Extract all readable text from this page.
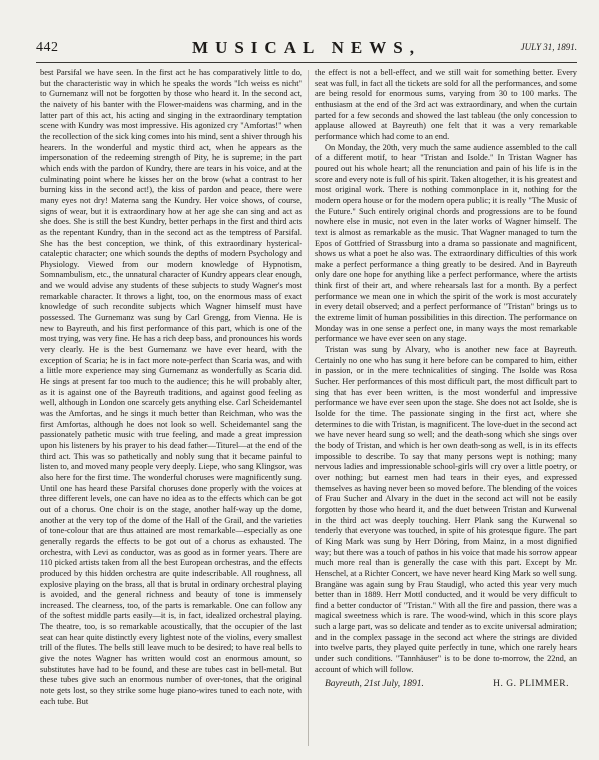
442	MUSICAL NEWS,	JULY 31, 1891.

best Parsifal we have seen. In the first act he has comparatively little to do, but the characteristic way in which he speaks the words "Ich weiss es nicht" to Gurnemanz will not be forgotten by those who heard it. In the second act, the naivety of his banter with the Flower-maidens was charming, and in the latter part of this act, his acting and singing in the extraordinary temptation scene with Kundry was most impressive. His agonized cry "Amfortas!" when the recollection of the sick king comes into his mind, sent a shiver through his hearers. In the wonderful and mystic third act, when he appears as the impersonation of the redeeming strength of Pity, he is supreme; in the part which ends with the pardon of Kundry, there are tears in his voice, and at the culminating point where he kisses her on the brow (what a contrast to her burning kiss in the second act!), the kiss of pardon and peace, there were many eyes not dry! Materna sang the Kundry. Her voice shows, of course, signs of wear, but it is extraordinary how at her age she can sing and act as she does. She is still the best Kundry, better perhaps in the first and third acts as the repentant Kundry, than in the second act as the temptress of Parsifal. She has the best conception, we think, of this extraordinary hysterical-cataleptic character; one which sounds the depths of modern Psychology and Physiology. Viewed from our modern knowledge of Hypnotism, Somnambulism, etc., the unnatural character of Kundry appears clear enough, and we would advise any students of these subjects to study Wagner's most remarkable character. It throws a light, too, on the enormous mass of exact knowledge of such recondite subjects which Wagner himself must have possessed. The Gurnemanz was sung by Carl Grengg, from Vienna. He is new to Bayreuth, and his first performance of this part, which is one of the most trying, was very fine. He has a rich deep bass, and pronounces his words very clearly. He is the best Gurnemanz we have ever heard, with the exception of Scaria; he is in fact more note-perfect than Scaria was, and with a little more experience may sing Gurnemanz as wonderfully as Scaria did. He sings at present far too much to the audience; this he will probably alter, as it is against one of the Bayreuth traditions, and against good feeling as well, although in London one scarcely gets anything else. Carl Scheidemantel was the Amfortas, and he sings it much better than Reichman, who was the first Amfortas, although he does not look so well. Scheidemantel sang the passionately pathetic music with true feeling, and made a great impression upon his listeners by his prayer to his dead father—Titurel—at the end of the third act. This was so pathetically and nobly sung that it became painful to listen to, and moved many people very deeply. Liepe, who sang Klingsor, was also here for the first time. The wonderful choruses were magnificently sung. Until one has heard these Parsifal choruses done properly with the voices at three different levels, one can have no idea as to the effects which can be got out of a chorus. One choir is on the stage, another half-way up the dome, another at the very top of the dome of the Hall of the Grail, and the varieties of tone-colour that are thus attained are most remarkable—especially as one generally regards the effects to be got out of a chorus as exhausted. The orchestra, with Levi as conductor, was as good as in former years. There are 110 picked artists taken from all the best European orchestras, and the effects produced by this hidden orchestra are quite indescribable. All roughness, all explosive playing on the brass, all that is brutal in ordinary orchestral playing is avoided, and the general richness and beauty of tone is immensely increased. The clearness, too, of the parts is remarkable. One can follow any of the softest middle parts easily—it is, in fact, idealized orchestral playing. The theatre, too, is so remarkable acoustically, that the occupier of the last seat can hear quite distinctly every lightest note of the violins, every smallest trill of the flutes. The bells still leave much to be desired; to have real bells to give the notes Wagner has written would cost an enormous amount, so substitutes have had to be found, and these are tubes cast in bell-metal. But these tubes give such an enormous number of over-tones, that the original note gets lost, so they strike some huge piano-wires tuned to each note, with each tube. But

the effect is not a bell-effect, and we still wait for something better. Every seat was full, in fact all the tickets are sold for all the performances, and some are being resold for enormous sums, varying from 30 to 100 marks. The enthusiasm at the end of the 3rd act was extraordinary, and when the curtain parted for a few seconds and showed the last tableau (the only concession to applause allowed at Bayreuth) one felt that it was a very remarkable performance which had come to an end.

On Monday, the 20th, very much the same audience assembled to the call of a different motif, to hear "Tristan and Isolde." In Tristan Wagner has poured out his whole heart; all the renunciation and pain of his life is in the score and every note is full of his spirit. Taken altogether, it is his greatest and most original work. There is nothing commonplace in it, nothing for the modern opera house or for the modern opera public; it is really "The Music of the Future." Such entirely original chords and progressions are to be found nowhere else in music, not even in the later works of Wagner himself. The text is almost as remarkable as the music. That Wagner managed to turn the Epos of Gottfried of Strassburg into a drama so passionate and magnificent, shows us what a poet he also was. The extraordinary difficulties of this work make a perfect performance a thing greatly to be desired. And in Bayreuth only dare one hope for anything like a perfect performance, where the artists think first of their art, and where rehearsals last for a month. By a perfect performance we mean one in which the spirit of the work is most accurately in every detail observed; and a perfect performance of "Tristan" brings us to the extreme limit of human possibilities in this direction. The performance on Monday was in one sense a perfect one, in many ways the most remarkable performance we have ever seen on any stage.

Tristan was sung by Alvary, who is another new face at Bayreuth. Certainly no one who has sung it here before can be compared to him, either in passion, or in the mere technicalities of singing. The Isolde was Rosa Sucher. Her performances of this most difficult part, the most difficult part to sing that has ever been written, is the most wonderful and impressive performance we have ever seen upon the stage. She does not act Isolde, she is Isolde for the time. The passionate singing in the first act, where she determines to die with Tristan, is magnificent. The love-duet in the second act we have never heard sung so well; and the death-song which she sings over the body of Tristan, and which is her own death-song as well, is in its effects impossible to describe. To say that many persons wept is nothing; many nervous ladies and impressionable school-girls will cry over a little poetry, or over nothing; but earnest men had tears in their eyes, and expressed themselves as having never been so moved before. The blending of the voices of Frau Sucher and Alvary in the duet in the second act will not be easily forgotten by those who heard it, and the duet between Tristan and Kurwenal in the third act was deeply touching. Herr Plank sang the Kurwenal so tenderly that everyone was touched, in spite of his grotesque figure. The part of King Mark was sung by Herr Döring, from Mainz, in a most dignified way; but there was a touch of pathos in his voice that made his sorrow appear much more real than is generally the case with this part. Except by Mr. Henschel, at a Richter Concert, we have never heard King Mark so well sung. Brangäne was again sung by Frau Staudigl, who acted this year very much better than in 1889. Herr Mottl conducted, and it would be very difficult to find a better conductor of "Tristan." With all the fire and passion, there was a magical sweetness which is rare. The wood-wind, which in this score plays such a large part, was so delicate and tender as to excite universal admiration; and in the complex passage in the second act where the strings are divided into twelve parts, they played quite perfectly in tune, which one rarely hears under such conditions. "Tannhäuser" is to be done to-morrow, the 22nd, an account of which will follow.

Bayreuth, 21st July, 1891.	H. G. PLIMMER.
